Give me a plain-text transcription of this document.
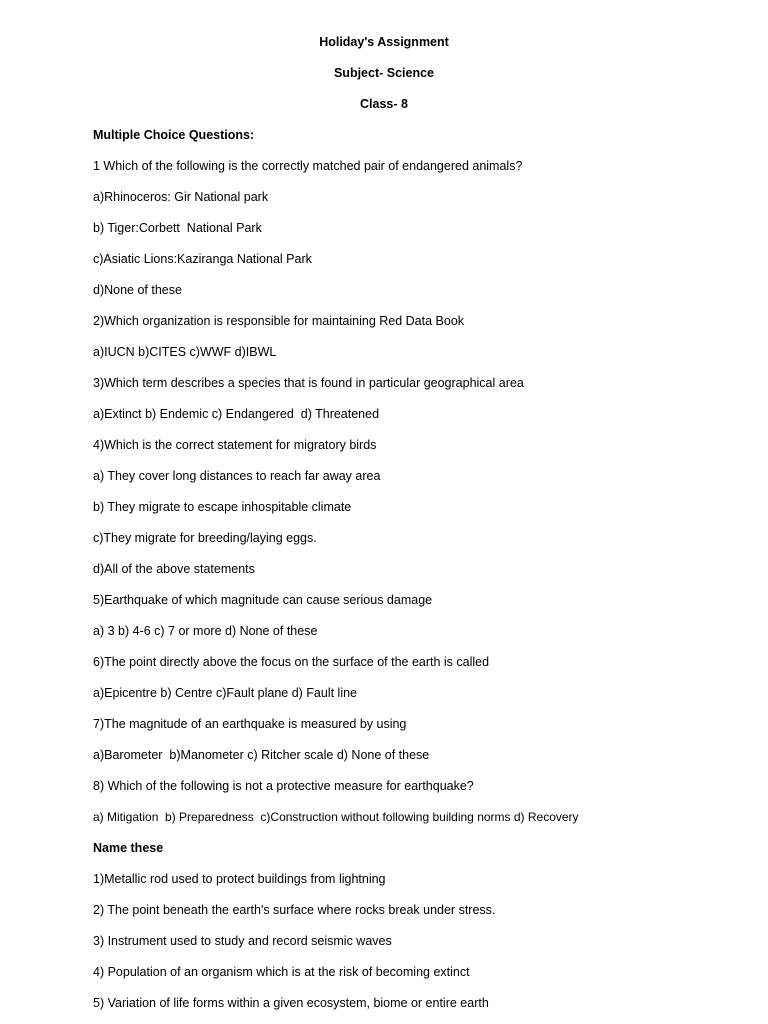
Holiday's Assignment

Subject- Science

Class- 8

Multiple Choice Questions:

1 Which of the following is the correctly matched pair of endangered animals?

a)Rhinoceros: Gir National park

b) Tiger:Corbett  National Park

c)Asiatic Lions:Kaziranga National Park

d)None of these

2)Which organization is responsible for maintaining Red Data Book

a)IUCN b)CITES c)WWF d)IBWL

3)Which term describes a species that is found in particular geographical area

a)Extinct b) Endemic c) Endangered  d) Threatened

4)Which is the correct statement for migratory birds

a) They cover long distances to reach far away area

b) They migrate to escape inhospitable climate

c)They migrate for breeding/laying eggs.

d)All of the above statements

5)Earthquake of which magnitude can cause serious damage

a) 3 b) 4-6 c) 7 or more d) None of these

6)The point directly above the focus on the surface of the earth is called

a)Epicentre b) Centre c)Fault plane d) Fault line

7)The magnitude of an earthquake is measured by using

a)Barometer  b)Manometer c) Ritcher scale d) None of these

8) Which of the following is not a protective measure for earthquake?

a) Mitigation  b) Preparedness  c)Construction without following building norms d) Recovery

Name these

1)Metallic rod used to protect buildings from lightning

2) The point beneath the earth's surface where rocks break under stress.

3) Instrument used to study and record seismic waves

4) Population of an organism which is at the risk of becoming extinct

5) Variation of life forms within a given ecosystem, biome or entire earth
